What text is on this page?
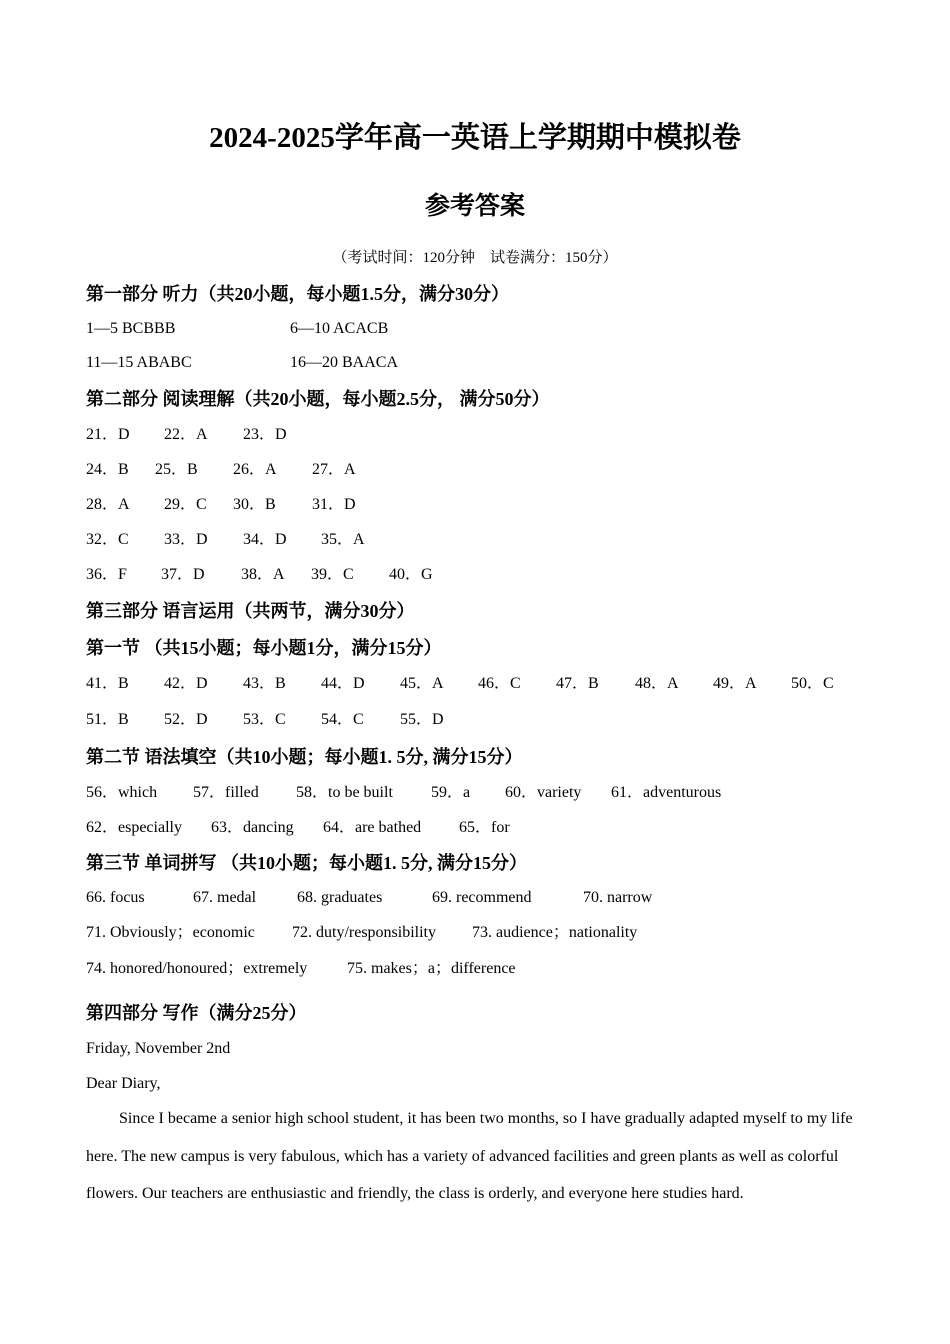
2024-2025学年高一英语上学期期中模拟卷
参考答案
（考试时间：120分钟　试卷满分：150分）
第一部分 听力（共20小题，每小题1.5分，满分30分）
1—5 BCBBB	6—10 ACACB
11—15 ABABC	16—20 BAACA
第二部分 阅读理解（共20小题，每小题2.5分， 满分50分）
21．D 22．A 23．D
24．B 25．B 26．A 27．A
28．A 29．C 30．B 31．D
32．C 33．D 34．D 35．A
36．F 37．D 38．A 39．C 40．G
第三部分 语言运用（共两节，满分30分）
第一节 （共15小题；每小题1分，满分15分）
41．B 42．D 43．B 44．D 45．A 46．C 47．B 48．A 49．A 50．C
51．B 52．D 53．C 54．C 55．D
第二节 语法填空（共10小题；每小题1. 5分, 满分15分）
56．which 57．filled 58．to be built 59．a 60．variety 61．adventurous
62．especially 63．dancing 64．are bathed 65．for
第三节 单词拼写 （共10小题；每小题1. 5分, 满分15分）
66. focus	67. medal	68. graduates	69. recommend	70. narrow
71. Obviously；economic 72. duty/responsibility 73. audience；nationality
74. honored/honoured；extremely 75. makes；a；difference
第四部分 写作（满分25分）
Friday, November 2nd
Dear Diary,
Since I became a senior high school student, it has been two months, so I have gradually adapted myself to my life here. The new campus is very fabulous, which has a variety of advanced facilities and green plants as well as colorful flowers. Our teachers are enthusiastic and friendly, the class is orderly, and everyone here studies hard.
